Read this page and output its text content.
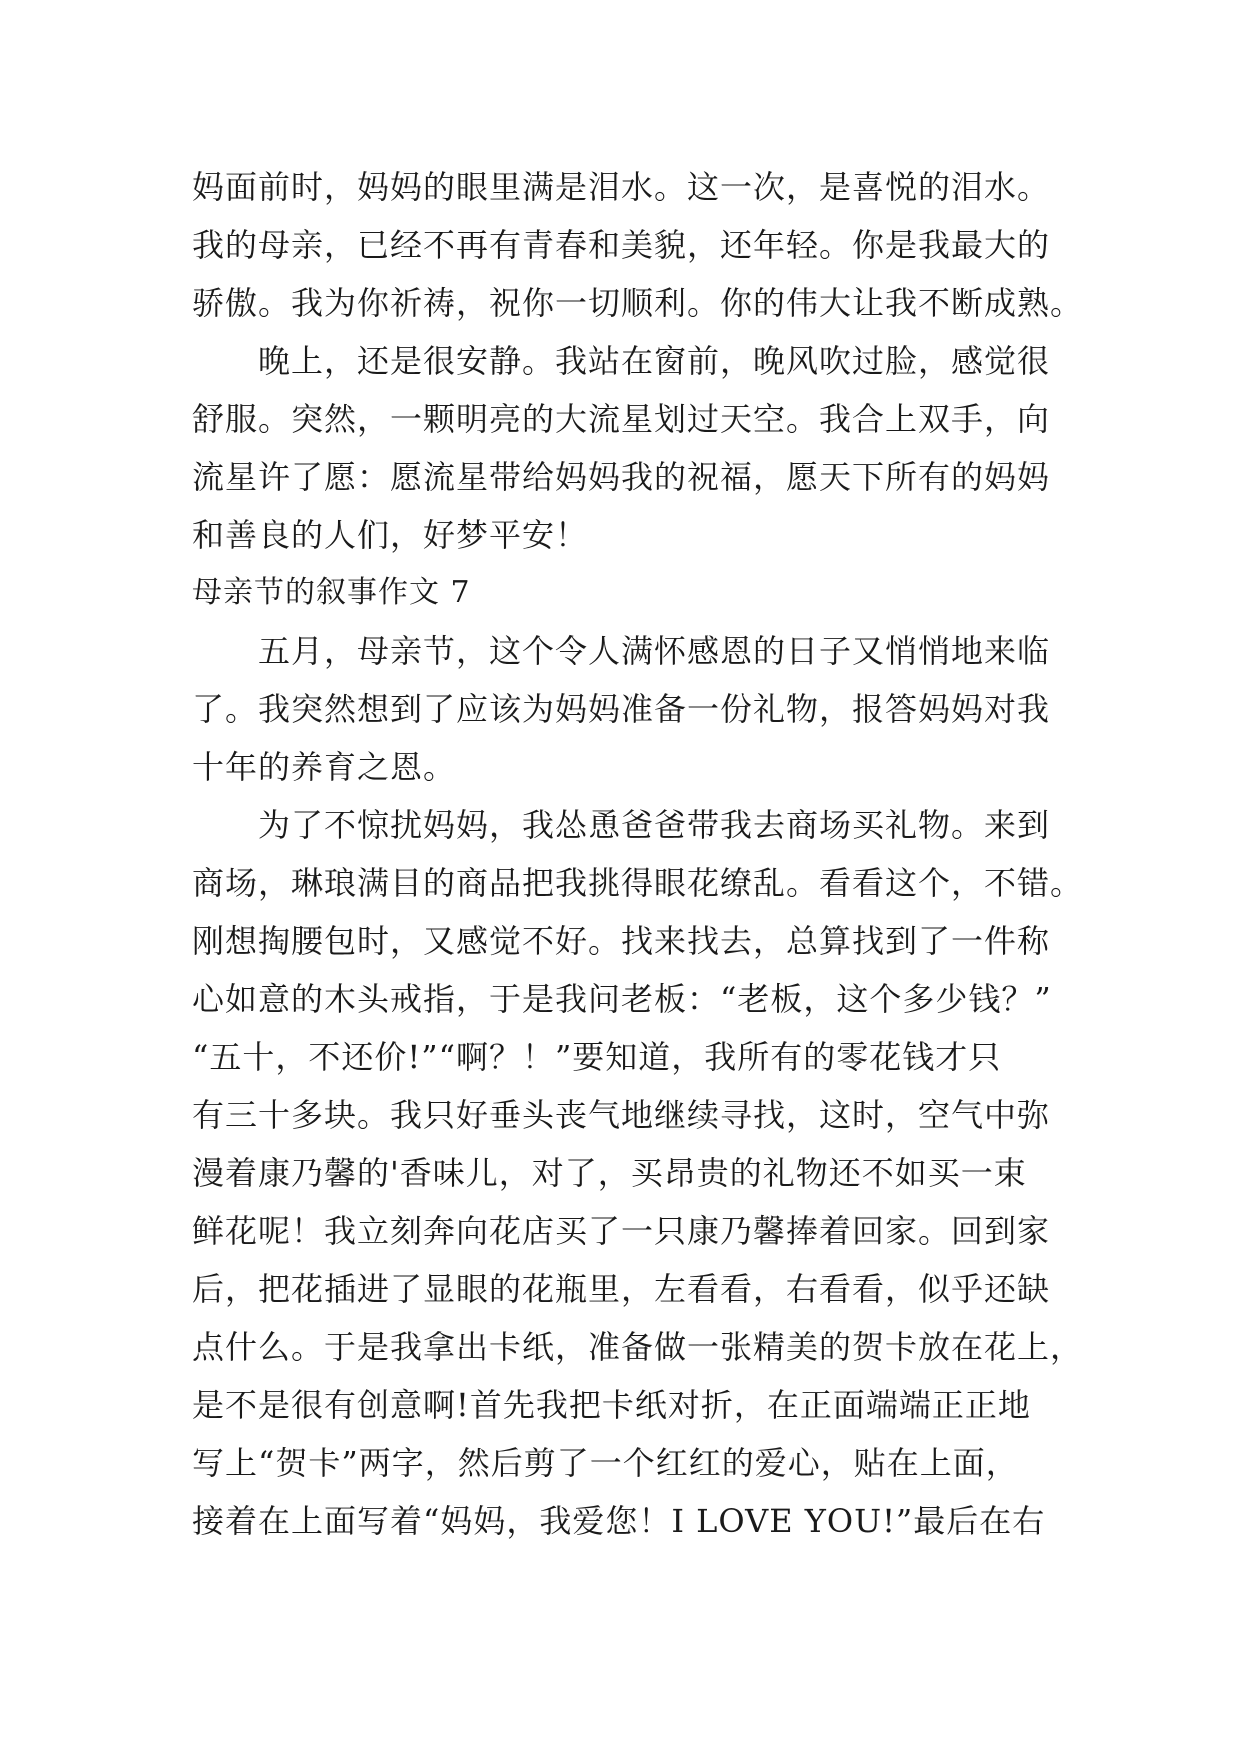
妈面前时，妈妈的眼里满是泪水。这一次，是喜悦的泪水。

我的母亲，已经不再有青春和美貌，还年轻。你是我最大的

骄傲。我为你祈祷，祝你一切顺利。你的伟大让我不断成熟。

晚上，还是很安静。我站在窗前，晚风吹过脸，感觉很

舒服。突然，一颗明亮的大流星划过天空。我合上双手，向

流星许了愿：愿流星带给妈妈我的祝福，愿天下所有的妈妈

和善良的人们，好梦平安！

母亲节的叙事作文 7

五月，母亲节，这个令人满怀感恩的日子又悄悄地来临

了。我突然想到了应该为妈妈准备一份礼物，报答妈妈对我

十年的养育之恩。

为了不惊扰妈妈，我怂恿爸爸带我去商场买礼物。来到

商场，琳琅满目的商品把我挑得眼花缭乱。看看这个，不错。

刚想掏腰包时，又感觉不好。找来找去，总算找到了一件称

心如意的木头戒指，于是我问老板：“老板，这个多少钱？”

“五十，不还价!”“啊？！”要知道，我所有的零花钱才只

有三十多块。我只好垂头丧气地继续寻找，这时，空气中弥

漫着康乃馨的'香味儿，对了，买昂贵的礼物还不如买一束

鲜花呢！我立刻奔向花店买了一只康乃馨捧着回家。回到家

后，把花插进了显眼的花瓶里，左看看，右看看，似乎还缺

点什么。于是我拿出卡纸，准备做一张精美的贺卡放在花上，

是不是很有创意啊!首先我把卡纸对折，在正面端端正正地

写上“贺卡”两字，然后剪了一个红红的爱心，贴在上面，

接着在上面写着“妈妈，我爱您！I LOVE YOU!”最后在右
